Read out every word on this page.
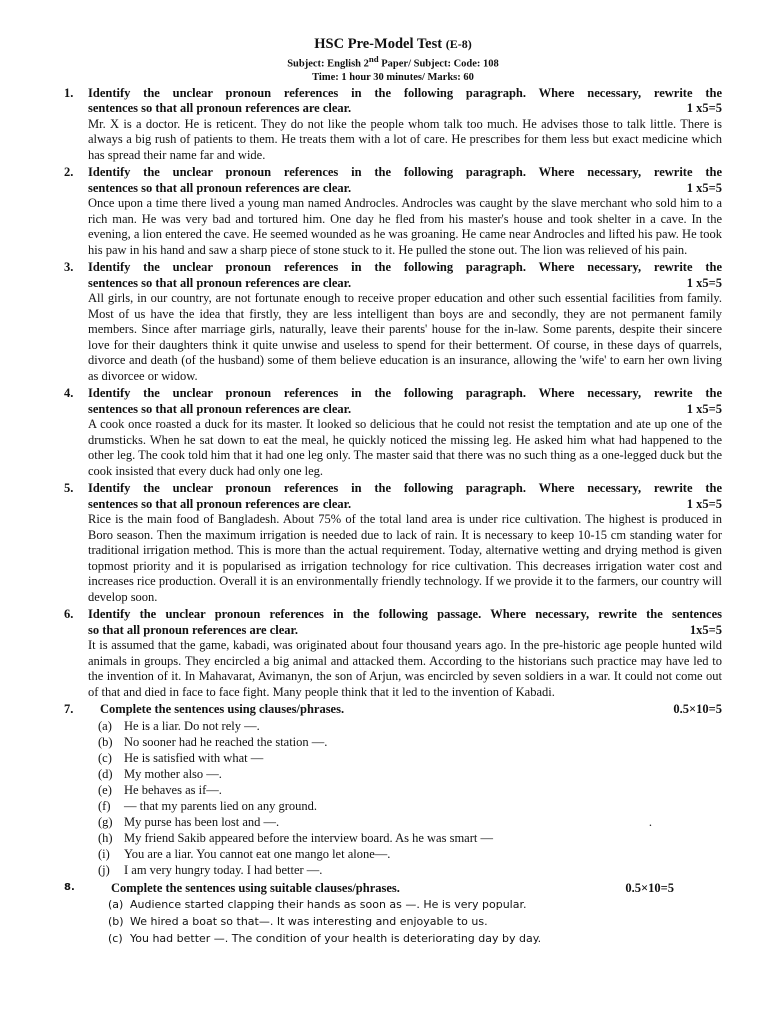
HSC Pre-Model Test (E-8)
Subject: English 2nd Paper/ Subject: Code: 108
Time: 1 hour 30 minutes/ Marks: 60
1. Identify the unclear pronoun references in the following paragraph. Where necessary, rewrite the
sentences so that all pronoun references are clear.	1 x5=5
Mr. X is a doctor. He is reticent. They do not like the people whom talk too much. He advises those to talk little. There is always a big rush of patients to them. He treats them with a lot of care. He prescribes for them less but exact medicine which has spread their name far and wide.
2. Identify the unclear pronoun references in the following paragraph. Where necessary, rewrite the
sentences so that all pronoun references are clear.	1 x5=5
Once upon a time there lived a young man named Androcles. Androcles was caught by the slave merchant who sold him to a rich man. He was very bad and tortured him. One day he fled from his master's house and took shelter in a cave. In the evening, a lion entered the cave. He seemed wounded as he was groaning. He came near Androcles and lifted his paw. He took his paw in his hand and saw a sharp piece of stone stuck to it. He pulled the stone out. The lion was relieved of his pain.
3. Identify the unclear pronoun references in the following paragraph. Where necessary, rewrite the
sentences so that all pronoun references are clear.	1 x5=5
All girls, in our country, are not fortunate enough to receive proper education and other such essential facilities from family. Most of us have the idea that firstly, they are less intelligent than boys are and secondly, they are not permanent family members. Since after marriage girls, naturally, leave their parents' house for the in-law. Some parents, despite their sincere love for their daughters think it quite unwise and useless to spend for their betterment. Of course, in these days of quarrels, divorce and death (of the husband) some of them believe education is an insurance, allowing the 'wife' to earn her own living as divorcee or widow.
4. Identify the unclear pronoun references in the following paragraph. Where necessary, rewrite the
sentences so that all pronoun references are clear.	1 x5=5
A cook once roasted a duck for its master. It looked so delicious that he could not resist the temptation and ate up one of the drumsticks. When he sat down to eat the meal, he quickly noticed the missing leg. He asked him what had happened to the other leg. The cook told him that it had one leg only. The master said that there was no such thing as a one-legged duck but the cook insisted that every duck had only one leg.
5. Identify the unclear pronoun references in the following paragraph. Where necessary, rewrite the
sentences so that all pronoun references are clear.	1 x5=5
Rice is the main food of Bangladesh. About 75% of the total land area is under rice cultivation. The highest is produced in Boro season. Then the maximum irrigation is needed due to lack of rain. It is necessary to keep 10-15 cm standing water for traditional irrigation method. This is more than the actual requirement. Today, alternative wetting and drying method is given topmost priority and it is popularised as irrigation technology for rice cultivation. This decreases irrigation water cost and increases rice production. Overall it is an environmentally friendly technology. If we provide it to the farmers, our country will develop soon.
6. Identify the unclear pronoun references in the following passage. Where necessary, rewrite the sentences
so that all pronoun references are clear.	1x5=5
It is assumed that the game, kabadi, was originated about four thousand years ago. In the pre-historic age people hunted wild animals in groups. They encircled a big animal and attacked them. According to the historians such practice may have led to the invention of it. In Mahavarat, Avimanyn, the son of Arjun, was encircled by seven soldiers in a war. It could not come out of that and died in face to face fight. Many people think that it led to the invention of Kabadi.
7.	Complete the sentences using clauses/phrases.	0.5×10=5
(a) He is a liar. Do not rely —.
(b) No sooner had he reached the station —.
(c) He is satisfied with what —
(d) My mother also —.
(e) He behaves as if—.
(f)	— that my parents lied on any ground.
(g) My purse has been lost and —.	.
(h) My friend Sakib appeared before the interview board. As he was smart —
(i)	You are a liar. You cannot eat one mango let alone—.
(j)	I am very hungry today. I had better —.
8.	Complete the sentences using suitable clauses/phrases.	0.5×10=5
(a) Audience started clapping their hands as soon as —. He is very popular.
(b) We hired a boat so that—. It was interesting and enjoyable to us.
(c) You had better —. The condition of your health is deteriorating day by day.
